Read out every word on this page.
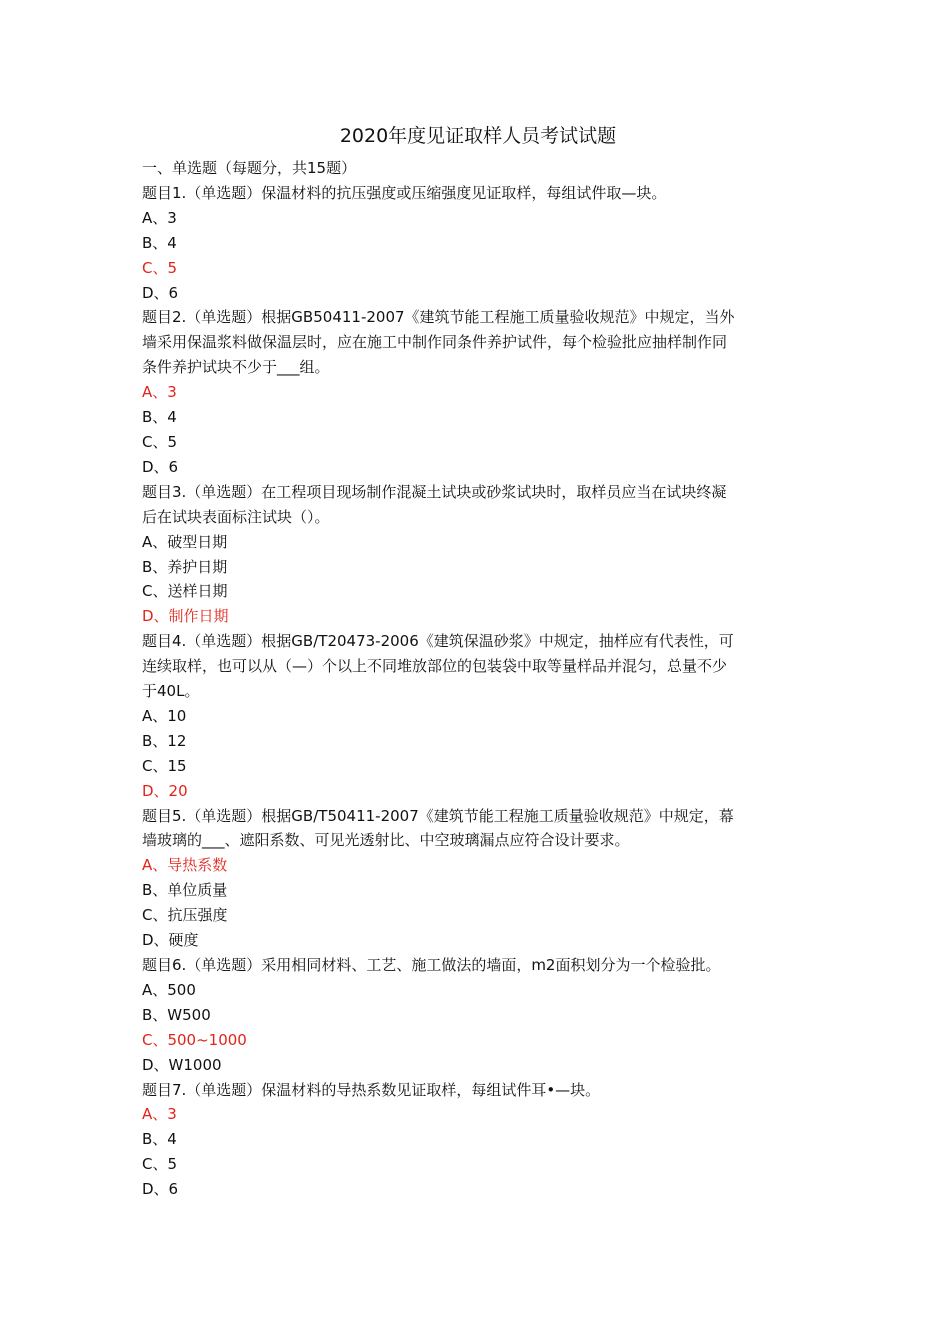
2020年度见证取样人员考试试题
一、单选题（每题分，共15题）
题目1.（单选题）保温材料的抗压强度或压缩强度见证取样，每组试件取—块。
A、3
B、4
C、5
D、6
题目2.（单选题）根据GB50411-2007《建筑节能工程施工质量验收规范》中规定，当外
墙采用保温浆料做保温层时，应在施工中制作同条件养护试件，每个检验批应抽样制作同
条件养护试块不少于___组。
A、3
B、4
C、5
D、6
题目3.（单选题）在工程项目现场制作混凝土试块或砂浆试块时，取样员应当在试块终凝
后在试块表面标注试块（）。
A、破型日期
B、养护日期
C、送样日期
D、制作日期
题目4.（单选题）根据GB/T20473-2006《建筑保温砂浆》中规定，抽样应有代表性，可
连续取样，也可以从（—）个以上不同堆放部位的包装袋中取等量样品并混匀，总量不少
于40L。
A、10
B、12
C、15
D、20
题目5.（单选题）根据GB/T50411-2007《建筑节能工程施工质量验收规范》中规定，幕
墙玻璃的___、遮阳系数、可见光透射比、中空玻璃漏点应符合设计要求。
A、导热系数
B、单位质量
C、抗压强度
D、硬度
题目6.（单选题）采用相同材料、工艺、施工做法的墙面，m2面积划分为一个检验批。
A、500
B、W500
C、500~1000
D、W1000
题目7.（单选题）保温材料的导热系数见证取样，每组试件耳•—块。
A、3
B、4
C、5
D、6
